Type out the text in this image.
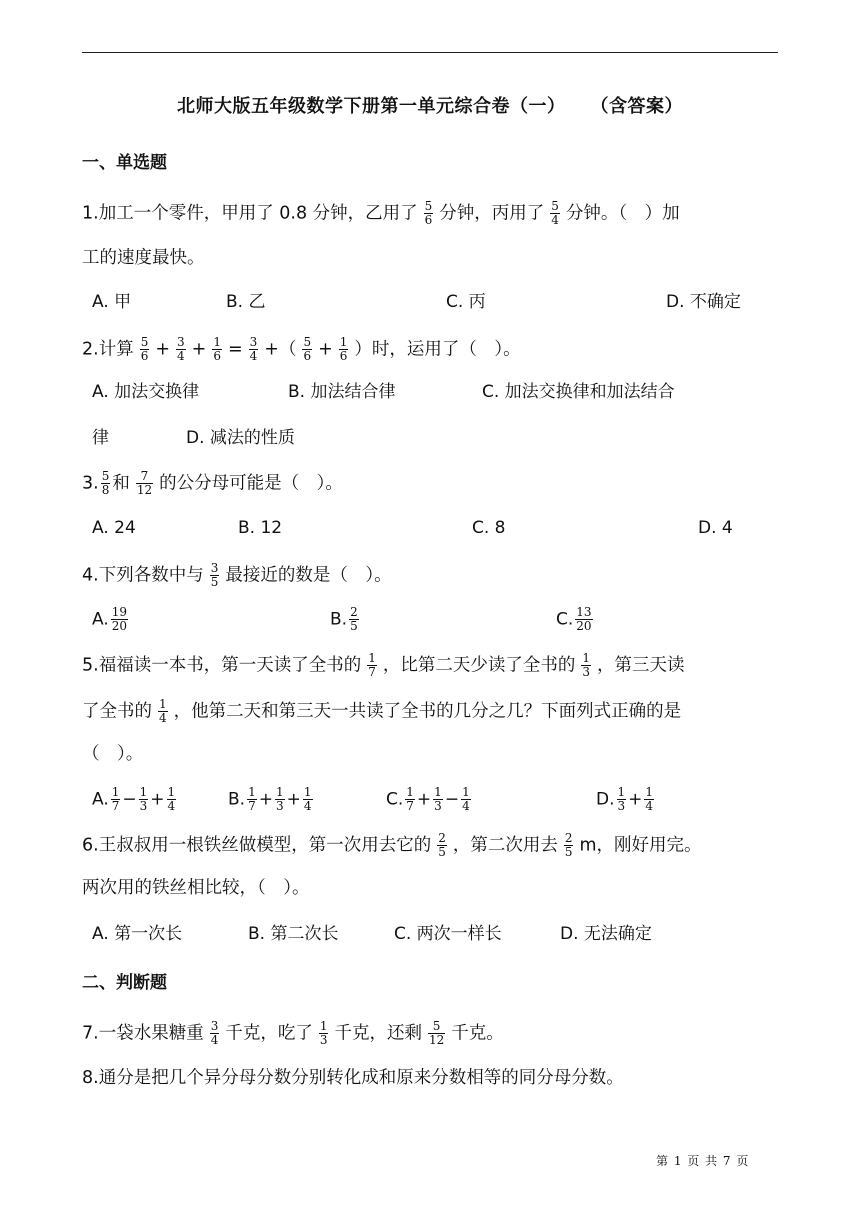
北师大版五年级数学下册第一单元综合卷（一） （含答案）
一、单选题
1.加工一个零件，甲用了 0.8 分钟，乙用了 $\frac{5}{6}$ 分钟，丙用了 $\frac{5}{4}$ 分钟。（　）加
工的速度最快。
A. 甲	B. 乙	C. 丙	D. 不确定
2.计算 $\frac{5}{6} + \frac{3}{4} + \frac{1}{6} = \frac{3}{4}$ +（ $\frac{5}{6} + \frac{1}{6}$ ）时，运用了（　）。
A. 加法交换律	B. 加法结合律	C. 加法交换律和加法结合
律	D. 减法的性质
3. $\frac{5}{8}$ 和 $\frac{7}{12}$ 的公分母可能是（　）。
A. 24	B. 12	C. 8	D. 4
4.下列各数中与 $\frac{3}{5}$ 最接近的数是（　）。
A. $\frac{19}{20}$	B. $\frac{2}{5}$	C. $\frac{13}{20}$
5.福福读一本书，第一天读了全书的 $\frac{1}{7}$ ，比第二天少读了全书的 $\frac{1}{3}$ ，第三天读
了全书的 $\frac{1}{4}$ ，他第二天和第三天一共读了全书的几分之几？下面列式正确的是
（　）。
A. $\frac{1}{7} - \frac{1}{3} + \frac{1}{4}$	B. $\frac{1}{7} + \frac{1}{3} + \frac{1}{4}$	C. $\frac{1}{7} + \frac{1}{3} - \frac{1}{4}$	D. $\frac{1}{3} + \frac{1}{4}$
6.王叔叔用一根铁丝做模型，第一次用去它的 $\frac{2}{5}$ ，第二次用去 $\frac{2}{5}$ m，刚好用完。
两次用的铁丝相比较，（　）。
A. 第一次长	B. 第二次长	C. 两次一样长	D. 无法确定
二、判断题
7.一袋水果糖重 $\frac{3}{4}$ 千克，吃了 $\frac{1}{3}$ 千克，还剩 $\frac{5}{12}$ 千克。
8.通分是把几个异分母分数分别转化成和原来分数相等的同分母分数。
第 1 页 共 7 页
